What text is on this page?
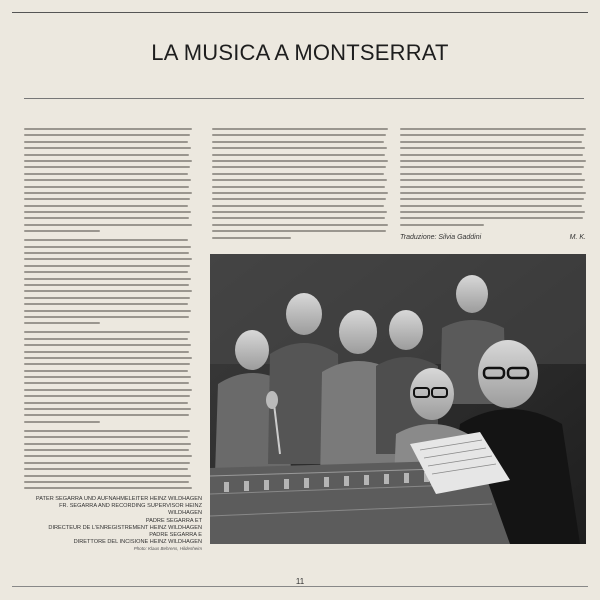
LA MUSICA A MONTSERRAT
Traduzione: Silvia Gaddini	M. K.
PATER SEGARRA UND AUFNAHMELEITER HEINZ WILDHAGEN
FR. SEGARRA AND RECORDING SUPERVISOR HEINZ WILDHAGEN
PADRE SEGARRA ET
DIRECTEUR DE L'ENREGISTREMENT HEINZ WILDHAGEN
PADRE SEGARRA E
DIRETTORE DEL INCISIONE HEINZ WILDHAGEN
Photo: Klaus Behrens, Hildesheim
11
